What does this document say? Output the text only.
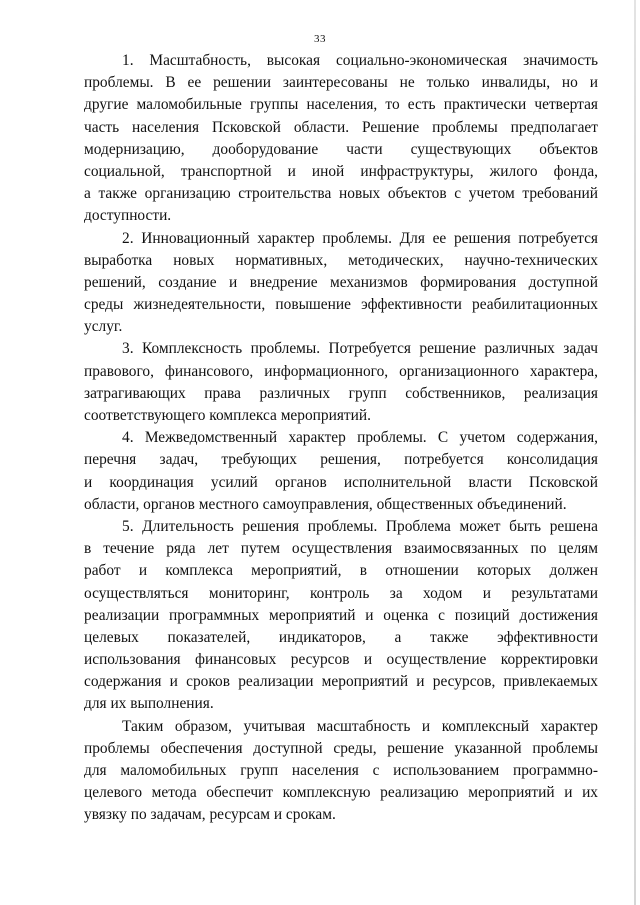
33
1. Масштабность, высокая социально-экономическая значимость
проблемы. В ее решении заинтересованы не только инвалиды, но и
другие маломобильные группы населения, то есть практически четвертая
часть населения Псковской области. Решение проблемы предполагает
модернизацию, дооборудование части существующих объектов
социальной, транспортной и иной инфраструктуры, жилого фонда,
а также организацию строительства новых объектов с учетом требований
доступности.
2. Инновационный характер проблемы. Для ее решения потребуется
выработка новых нормативных, методических, научно-технических
решений, создание и внедрение механизмов формирования доступной
среды жизнедеятельности, повышение эффективности реабилитационных
услуг.
3. Комплексность проблемы. Потребуется решение различных задач
правового, финансового, информационного, организационного характера,
затрагивающих права различных групп собственников, реализация
соответствующего комплекса мероприятий.
4. Межведомственный характер проблемы. С учетом содержания,
перечня задач, требующих решения, потребуется консолидация
и координация усилий органов исполнительной власти Псковской
области, органов местного самоуправления, общественных объединений.
5. Длительность решения проблемы. Проблема может быть решена
в течение ряда лет путем осуществления взаимосвязанных по целям
работ и комплекса мероприятий, в отношении которых должен
осуществляться мониторинг, контроль за ходом и результатами
реализации программных мероприятий и оценка с позиций достижения
целевых показателей, индикаторов, а также эффективности
использования финансовых ресурсов и осуществление корректировки
содержания и сроков реализации мероприятий и ресурсов, привлекаемых
для их выполнения.
Таким образом, учитывая масштабность и комплексный характер
проблемы обеспечения доступной среды, решение указанной проблемы
для маломобильных групп населения с использованием программно-
целевого метода обеспечит комплексную реализацию мероприятий и их
увязку по задачам, ресурсам и срокам.
